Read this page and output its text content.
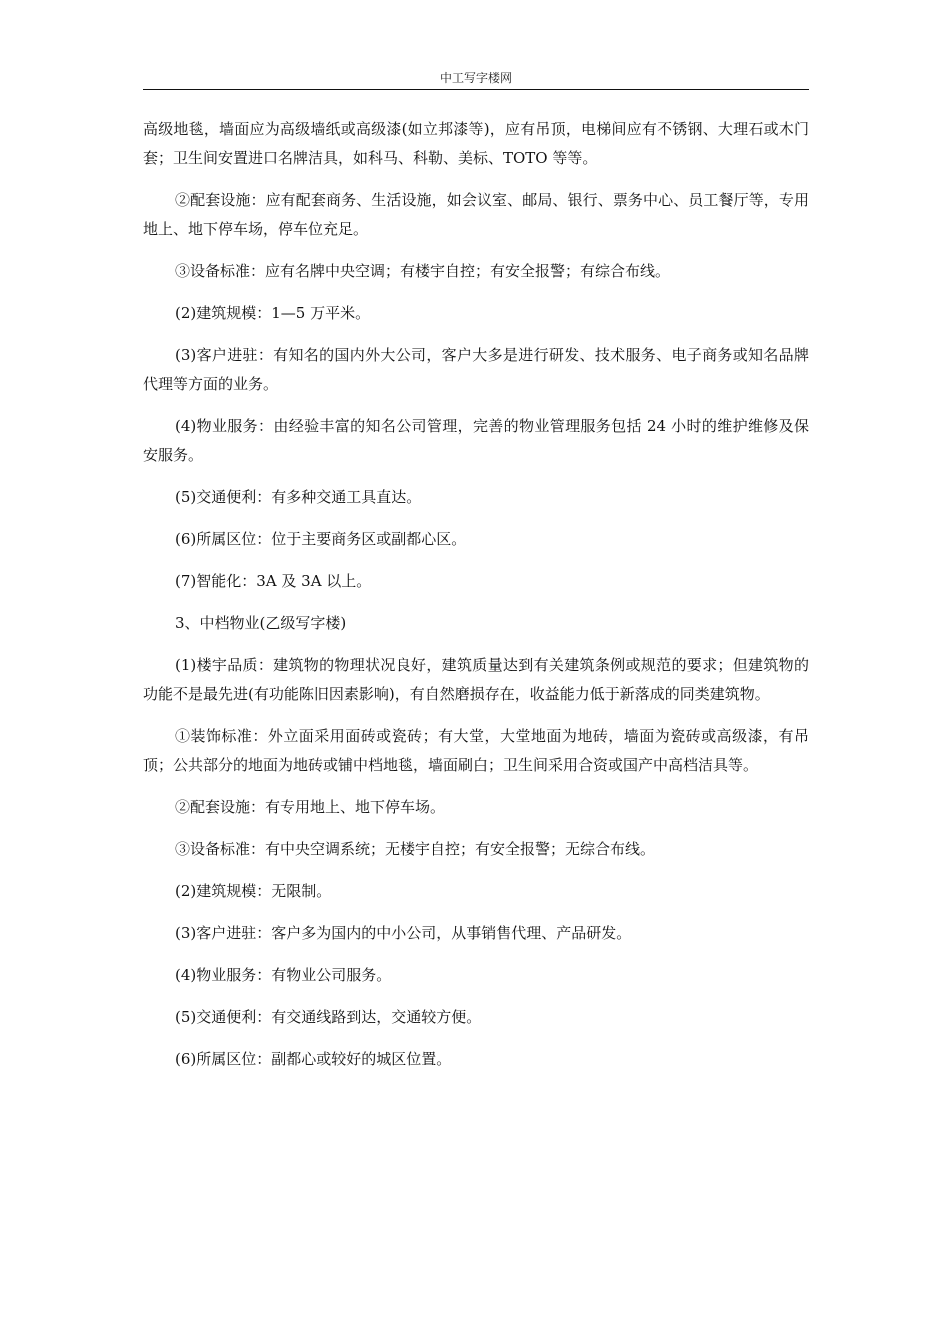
中工写字楼网

高级地毯，墙面应为高级墙纸或高级漆(如立邦漆等)，应有吊顶，电梯间应有不锈钢、大理石或木门套；卫生间安置进口名牌洁具，如科马、科勒、美标、TOTO 等等。

②配套设施：应有配套商务、生活设施，如会议室、邮局、银行、票务中心、员工餐厅等，专用地上、地下停车场，停车位充足。

③设备标准：应有名牌中央空调；有楼宇自控；有安全报警；有综合布线。

(2)建筑规模：1—5 万平米。

(3)客户进驻：有知名的国内外大公司，客户大多是进行研发、技术服务、电子商务或知名品牌代理等方面的业务。

(4)物业服务：由经验丰富的知名公司管理，完善的物业管理服务包括 24 小时的维护维修及保安服务。

(5)交通便利：有多种交通工具直达。

(6)所属区位：位于主要商务区或副都心区。

(7)智能化：3A 及 3A 以上。

3、中档物业(乙级写字楼)

(1)楼宇品质：建筑物的物理状况良好，建筑质量达到有关建筑条例或规范的要求；但建筑物的功能不是最先进(有功能陈旧因素影响)，有自然磨损存在，收益能力低于新落成的同类建筑物。

①装饰标准：外立面采用面砖或瓷砖；有大堂，大堂地面为地砖，墙面为瓷砖或高级漆，有吊顶；公共部分的地面为地砖或铺中档地毯，墙面刷白；卫生间采用合资或国产中高档洁具等。

②配套设施：有专用地上、地下停车场。

③设备标准：有中央空调系统；无楼宇自控；有安全报警；无综合布线。

(2)建筑规模：无限制。

(3)客户进驻：客户多为国内的中小公司，从事销售代理、产品研发。

(4)物业服务：有物业公司服务。

(5)交通便利：有交通线路到达，交通较方便。

(6)所属区位：副都心或较好的城区位置。
